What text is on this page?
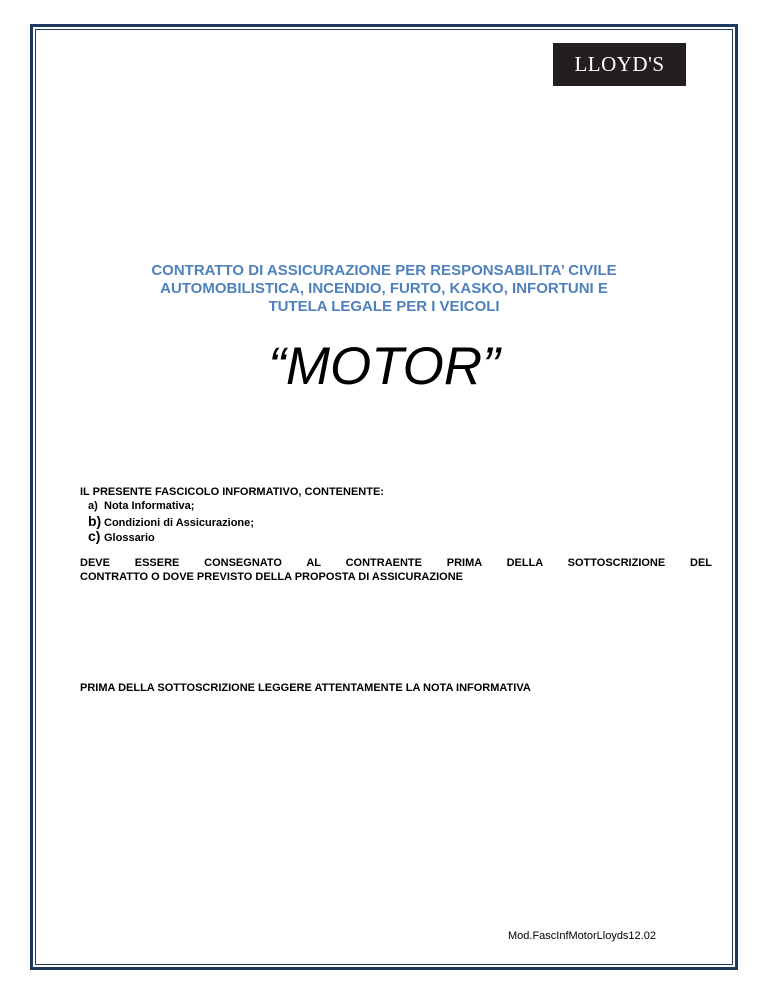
LLOYD'S
CONTRATTO DI ASSICURAZIONE PER RESPONSABILITA’ CIVILE
AUTOMOBILISTICA, INCENDIO, FURTO, KASKO, INFORTUNI E
TUTELA LEGALE PER I VEICOLI
“MOTOR”
IL PRESENTE FASCICOLO INFORMATIVO, CONTENENTE:
a) Nota Informativa;
b) Condizioni di Assicurazione;
c) Glossario
DEVE ESSERE CONSEGNATO AL CONTRAENTE PRIMA DELLA SOTTOSCRIZIONE DEL
CONTRATTO O DOVE PREVISTO DELLA PROPOSTA DI ASSICURAZIONE
PRIMA DELLA SOTTOSCRIZIONE LEGGERE ATTENTAMENTE LA NOTA INFORMATIVA
Mod.FascInfMotorLloyds12.02
